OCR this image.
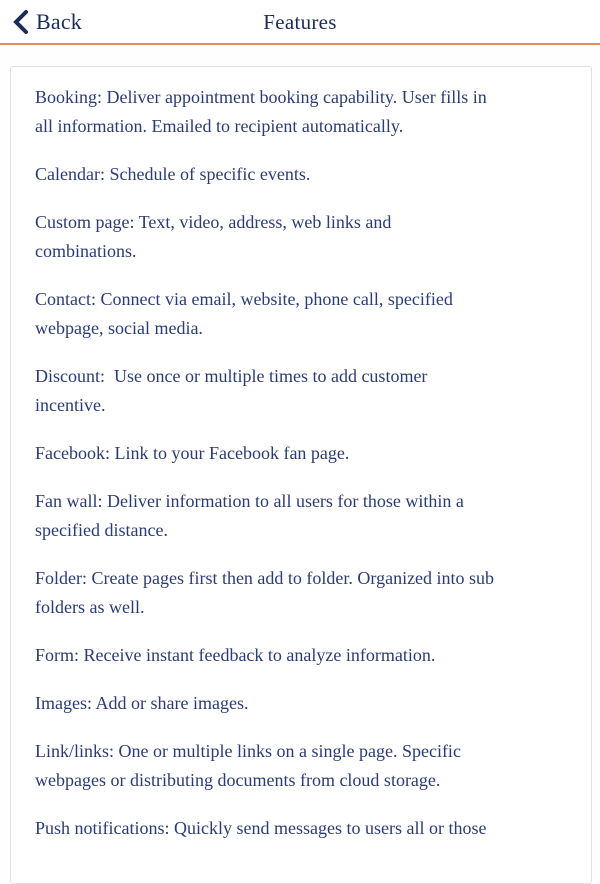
Back	Features
Booking: Deliver appointment booking capability. User fills in
all information. Emailed to recipient automatically.
Calendar: Schedule of specific events.
Custom page: Text, video, address, web links and
combinations.
Contact: Connect via email, website, phone call, specified
webpage, social media.
Discount:  Use once or multiple times to add customer
incentive.
Facebook: Link to your Facebook fan page.
Fan wall: Deliver information to all users for those within a
specified distance.
Folder: Create pages first then add to folder. Organized into sub
folders as well.
Form: Receive instant feedback to analyze information.
Images: Add or share images.
Link/links: One or multiple links on a single page. Specific
webpages or distributing documents from cloud storage.
Push notifications: Quickly send messages to users all or those
